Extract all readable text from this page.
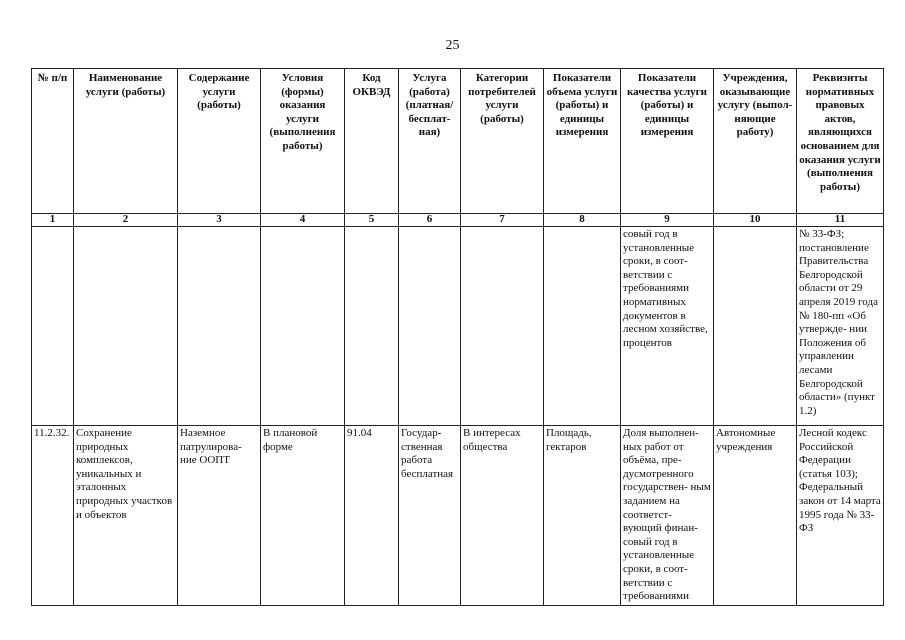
25
№ п/п	Наименование услуги (работы)	Содержание услуги (работы)	Условия (формы) оказания услуги (выполнения работы)	Код ОКВЭД	Услуга (работа) (платная/ бесплат- ная)	Категории потребителей услуги (работы)	Показатели объема услуги (работы) и единицы измерения	Показатели качества услуги (работы) и единицы измерения	Учреждения, оказывающие услугу (выпол- няющие работу)	Реквизиты нормативных правовых актов, являющихся основанием для оказания услуги (выполнения работы)
1	2	3	4	5	6	7	8	9	10	11
								совый год в установленные сроки, в соот- ветствии с требованиями нормативных документов в лесном хозяйстве, процентов		№ 33-ФЗ; постановление Правительства Белгородской области от 29 апреля 2019 года № 180-пп «Об утвержде- нии Положения об управлении лесами Белгородской области» (пункт 1.2)
11.2.32.	Сохранение природных комплексов, уникальных и эталонных природных участков и объектов	Наземное патрулирова- ние ООПТ	В плановой форме	91.04	Государ- ственная работа бесплатная	В интересах общества	Площадь, гектаров	Доля выполнен- ных работ от объёма, пре- дусмотренного государствен- ным заданием на соответст- вующий финан- совый год в установленные сроки, в соот- ветствии с требованиями	Автономные учреждения	Лесной кодекс Российской Федерации (статья 103); Федеральный закон от 14 марта 1995 года № 33-ФЗ
